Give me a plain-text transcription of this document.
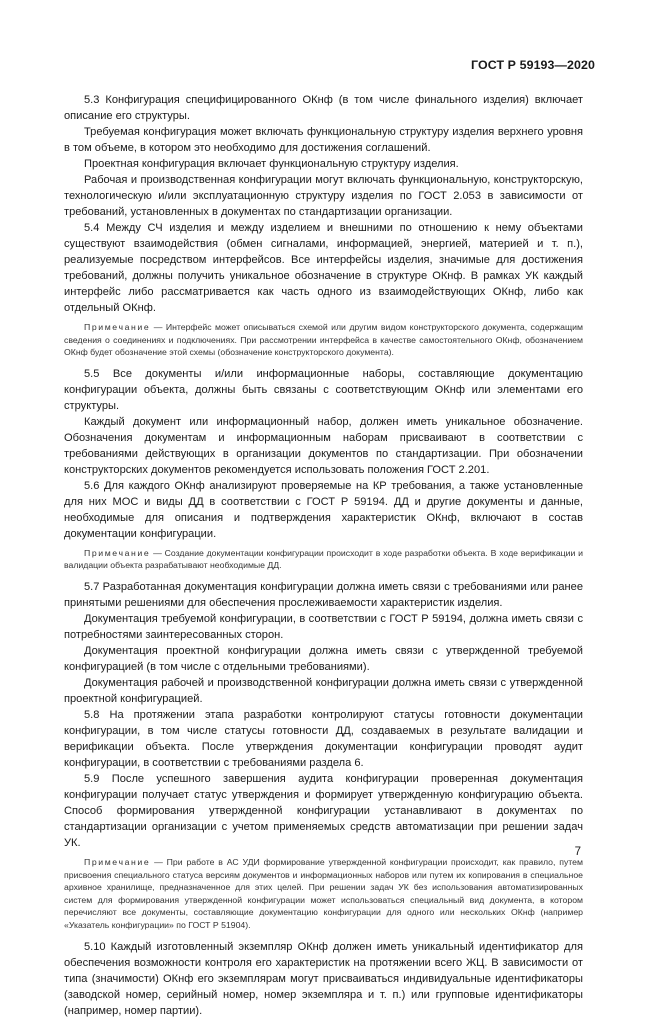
ГОСТ Р 59193—2020

5.3 Конфигурация специфицированного ОКнф (в том числе финального изделия) включает описание его структуры.

Требуемая конфигурация может включать функциональную структуру изделия верхнего уровня в том объеме, в котором это необходимо для достижения соглашений.

Проектная конфигурация включает функциональную структуру изделия.

Рабочая и производственная конфигурации могут включать функциональную, конструкторскую, технологическую и/или эксплуатационную структуру изделия по ГОСТ 2.053 в зависимости от требований, установленных в документах по стандартизации организации.

5.4 Между СЧ изделия и между изделием и внешними по отношению к нему объектами существуют взаимодействия (обмен сигналами, информацией, энергией, материей и т. п.), реализуемые посредством интерфейсов. Все интерфейсы изделия, значимые для достижения требований, должны получить уникальное обозначение в структуре ОКнф. В рамках УК каждый интерфейс либо рассматривается как часть одного из взаимодействующих ОКнф, либо как отдельный ОКнф.

Примечание — Интерфейс может описываться схемой или другим видом конструкторского документа, содержащим сведения о соединениях и подключениях. При рассмотрении интерфейса в качестве самостоятельного ОКнф, обозначением ОКнф будет обозначение этой схемы (обозначение конструкторского документа).

5.5 Все документы и/или информационные наборы, составляющие документацию конфигурации объекта, должны быть связаны с соответствующим ОКнф или элементами его структуры.

Каждый документ или информационный набор, должен иметь уникальное обозначение. Обозначения документам и информационным наборам присваивают в соответствии с требованиями действующих в организации документов по стандартизации. При обозначении конструкторских документов рекомендуется использовать положения ГОСТ 2.201.

5.6 Для каждого ОКнф анализируют проверяемые на КР требования, а также установленные для них МОС и виды ДД в соответствии с ГОСТ Р 59194. ДД и другие документы и данные, необходимые для описания и подтверждения характеристик ОКнф, включают в состав документации конфигурации.

Примечание — Создание документации конфигурации происходит в ходе разработки объекта. В ходе верификации и валидации объекта разрабатывают необходимые ДД.

5.7 Разработанная документация конфигурации должна иметь связи с требованиями или ранее принятыми решениями для обеспечения прослеживаемости характеристик изделия.

Документация требуемой конфигурации, в соответствии с ГОСТ Р 59194, должна иметь связи с потребностями заинтересованных сторон.

Документация проектной конфигурации должна иметь связи с утвержденной требуемой конфигурацией (в том числе с отдельными требованиями).

Документация рабочей и производственной конфигурации должна иметь связи с утвержденной проектной конфигурацией.

5.8 На протяжении этапа разработки контролируют статусы готовности документации конфигурации, в том числе статусы готовности ДД, создаваемых в результате валидации и верификации объекта. После утверждения документации конфигурации проводят аудит конфигурации, в соответствии с требованиями раздела 6.

5.9 После успешного завершения аудита конфигурации проверенная документация конфигурации получает статус утверждения и формирует утвержденную конфигурацию объекта. Способ формирования утвержденной конфигурации устанавливают в документах по стандартизации организации с учетом применяемых средств автоматизации при решении задач УК.

Примечание — При работе в АС УДИ формирование утвержденной конфигурации происходит, как правило, путем присвоения специального статуса версиям документов и информационных наборов или путем их копирования в специальное архивное хранилище, предназначенное для этих целей. При решении задач УК без использования автоматизированных систем для формирования утвержденной конфигурации может использоваться специальный вид документа, в котором перечисляют все документы, составляющие документацию конфигурации для одного или нескольких ОКнф (например «Указатель конфигурации» по ГОСТ Р 51904).

5.10 Каждый изготовленный экземпляр ОКнф должен иметь уникальный идентификатор для обеспечения возможности контроля его характеристик на протяжении всего ЖЦ. В зависимости от типа (значимости) ОКнф его экземплярам могут присваиваться индивидуальные идентификаторы (заводской номер, серийный номер, номер экземпляра и т. п.) или групповые идентификаторы (например, номер партии).

7
